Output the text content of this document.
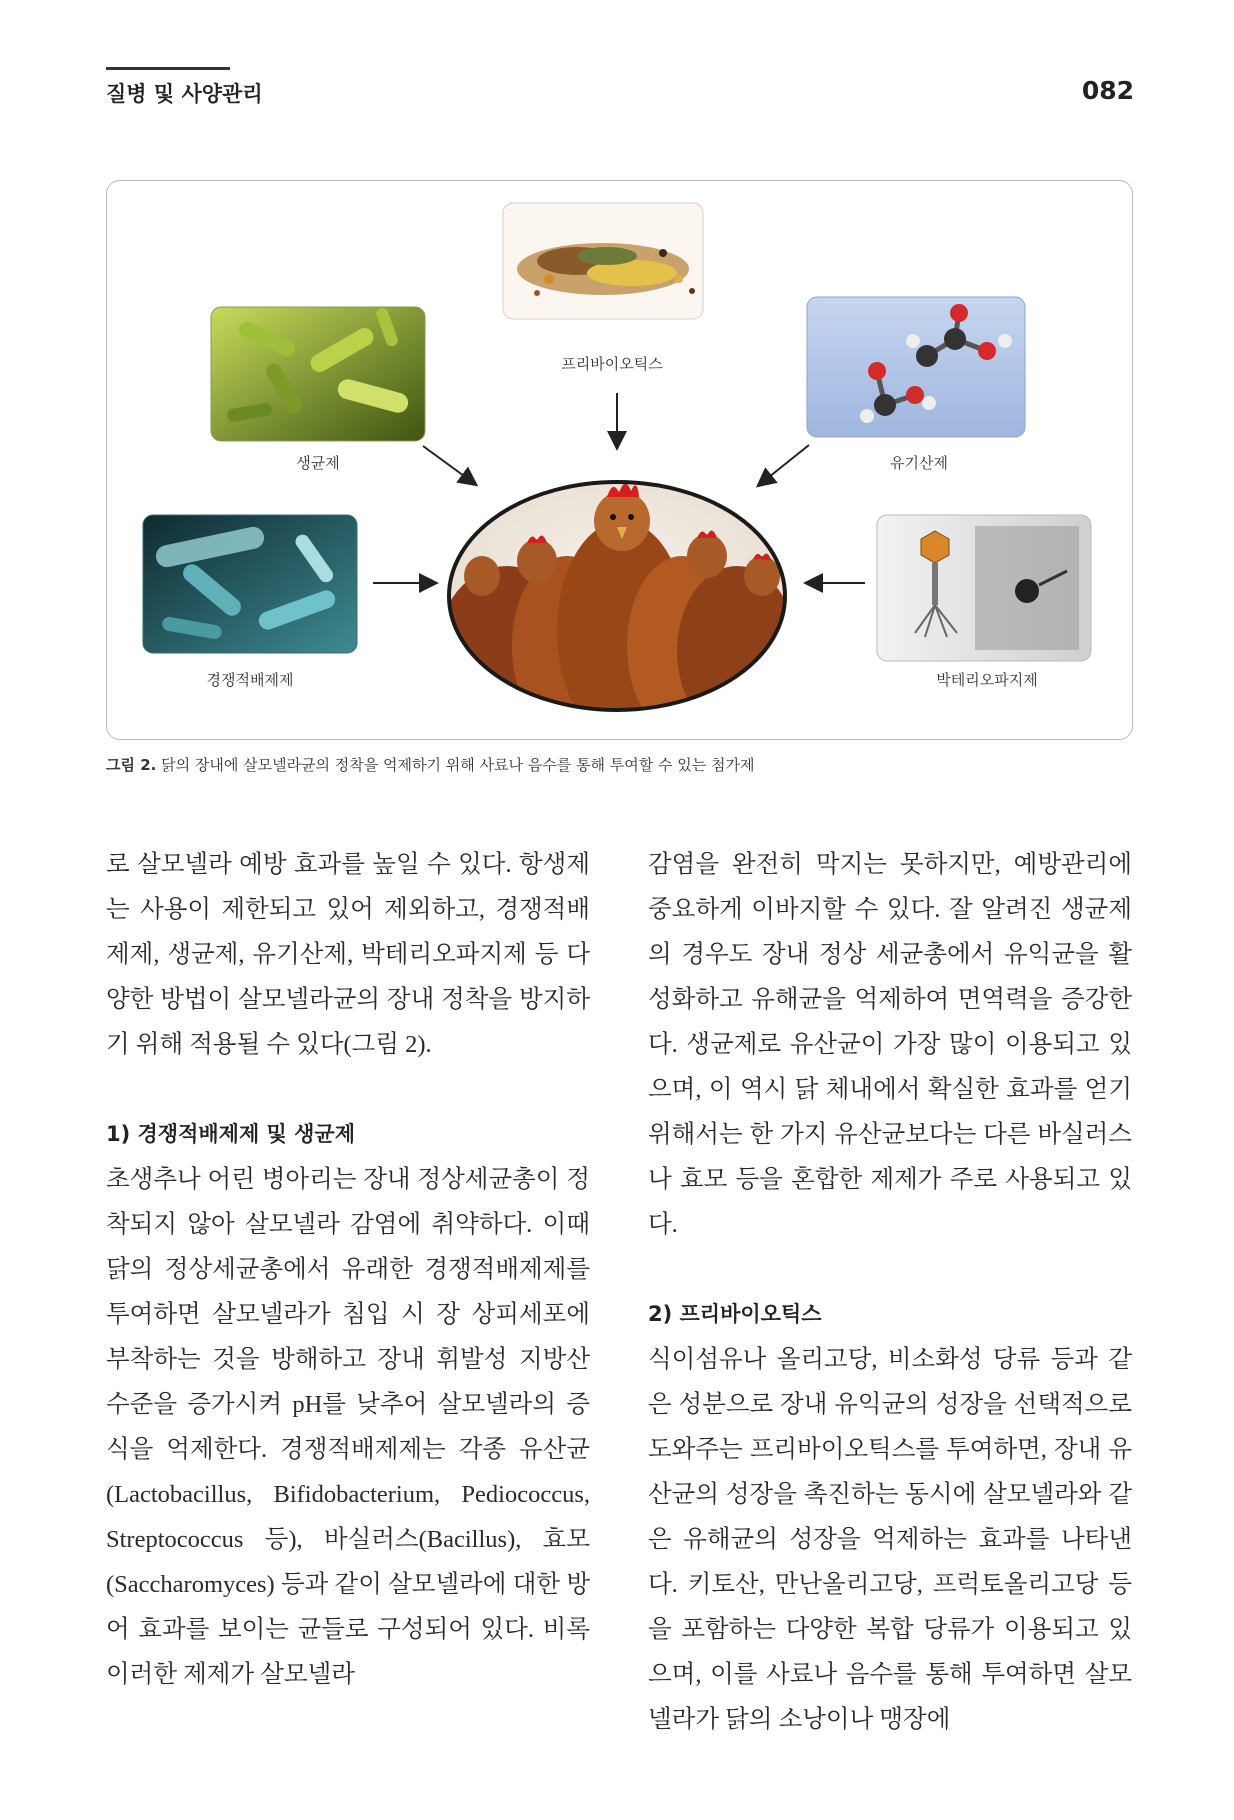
질병 및 사양관리	082
프리바이오틱스
생균제	유기산제
경쟁적배제제	박테리오파지제
그림 2. 닭의 장내에 살모넬라균의 정착을 억제하기 위해 사료나 음수를 통해 투여할 수 있는 첨가제

로 살모넬라 예방 효과를 높일 수 있다. 항생제는 사용이 제한되고 있어 제외하고, 경쟁적배제제, 생균제, 유기산제, 박테리오파지제 등 다양한 방법이 살모넬라균의 장내 정착을 방지하기 위해 적용될 수 있다(그림 2).

1) 경쟁적배제제 및 생균제

초생추나 어린 병아리는 장내 정상세균총이 정착되지 않아 살모넬라 감염에 취약하다. 이때 닭의 정상세균총에서 유래한 경쟁적배제제를 투여하면 살모넬라가 침입 시 장 상피세포에 부착하는 것을 방해하고 장내 휘발성 지방산 수준을 증가시켜 pH를 낮추어 살모넬라의 증식을 억제한다. 경쟁적배제제는 각종 유산균(Lactobacillus, Bifidobacterium, Pediococcus, Streptococcus 등), 바실러스(Bacillus), 효모(Saccharomyces) 등과 같이 살모넬라에 대한 방어 효과를 보이는 균들로 구성되어 있다. 비록 이러한 제제가 살모넬라

감염을 완전히 막지는 못하지만, 예방관리에 중요하게 이바지할 수 있다. 잘 알려진 생균제의 경우도 장내 정상 세균총에서 유익균을 활성화하고 유해균을 억제하여 면역력을 증강한다. 생균제로 유산균이 가장 많이 이용되고 있으며, 이 역시 닭 체내에서 확실한 효과를 얻기 위해서는 한 가지 유산균보다는 다른 바실러스나 효모 등을 혼합한 제제가 주로 사용되고 있다.

2) 프리바이오틱스

식이섬유나 올리고당, 비소화성 당류 등과 같은 성분으로 장내 유익균의 성장을 선택적으로 도와주는 프리바이오틱스를 투여하면, 장내 유산균의 성장을 촉진하는 동시에 살모넬라와 같은 유해균의 성장을 억제하는 효과를 나타낸다. 키토산, 만난올리고당, 프럭토올리고당 등을 포함하는 다양한 복합 당류가 이용되고 있으며, 이를 사료나 음수를 통해 투여하면 살모넬라가 닭의 소낭이나 맹장에
